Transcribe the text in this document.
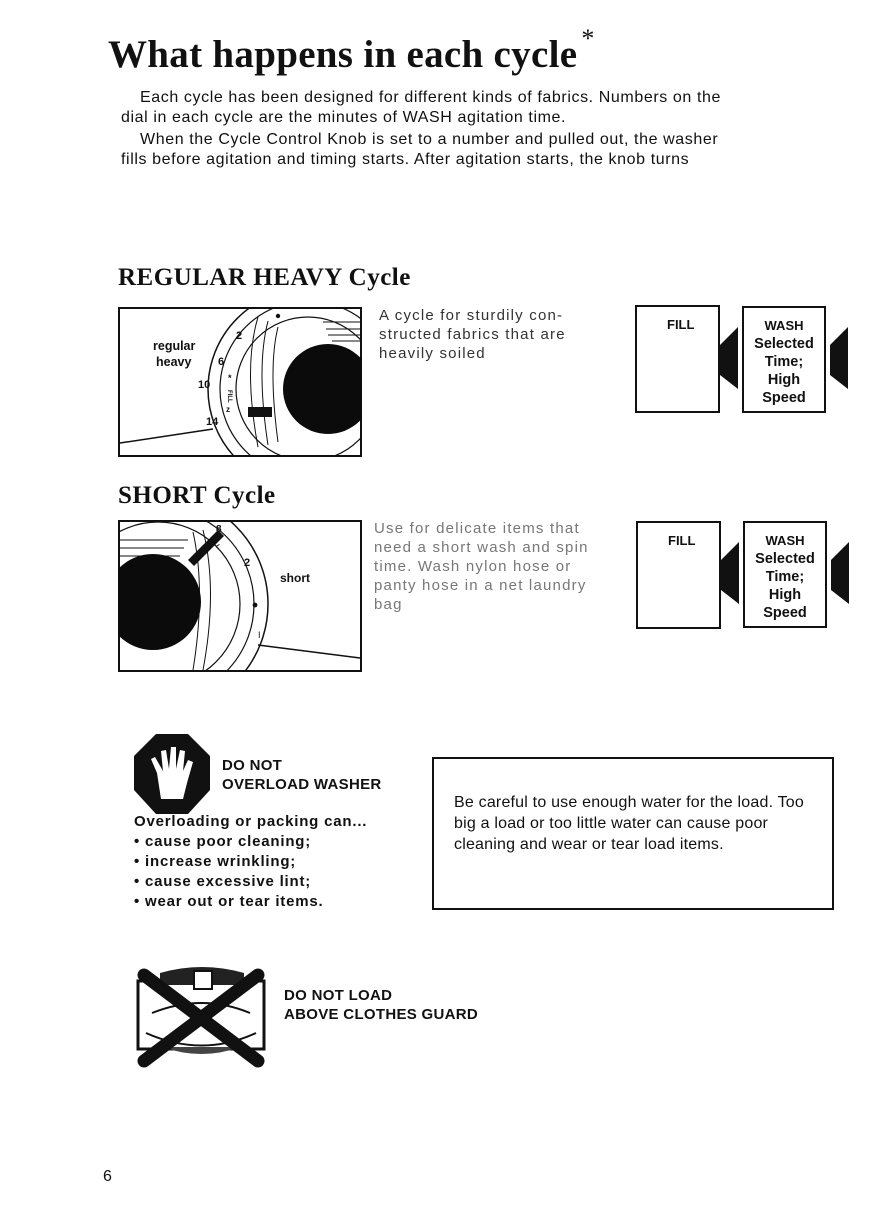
What happens in each cycle *
Each cycle has been designed for different kinds of fabrics. Numbers on the
dial in each cycle are the minutes of WASH agitation time.
When the Cycle Control Knob is set to a number and pulled out, the washer
fills before agitation and timing starts. After agitation starts, the knob turns
REGULAR HEAVY Cycle
2
6
10
14
FILL
z
*
regular
heavy
A cycle for sturdily con-structed fabrics that are heavily soiled
FILL	WASH
Selected
Time;
High
Speed
SHORT Cycle
I
8
2
FILL
short
Use for delicate items that need a short wash and spin time. Wash nylon hose or panty hose in a net laundry bag
FILL	WASH
Selected
Time;
High
Speed
DO NOT
OVERLOAD WASHER
Overloading or packing can...
• cause poor cleaning;
• increase wrinkling;
• cause excessive lint;
• wear out or tear items.
Be careful to use enough water for the load. Too big a load or too little water can cause poor cleaning and wear or tear load items.
DO NOT LOAD
ABOVE CLOTHES GUARD
6
